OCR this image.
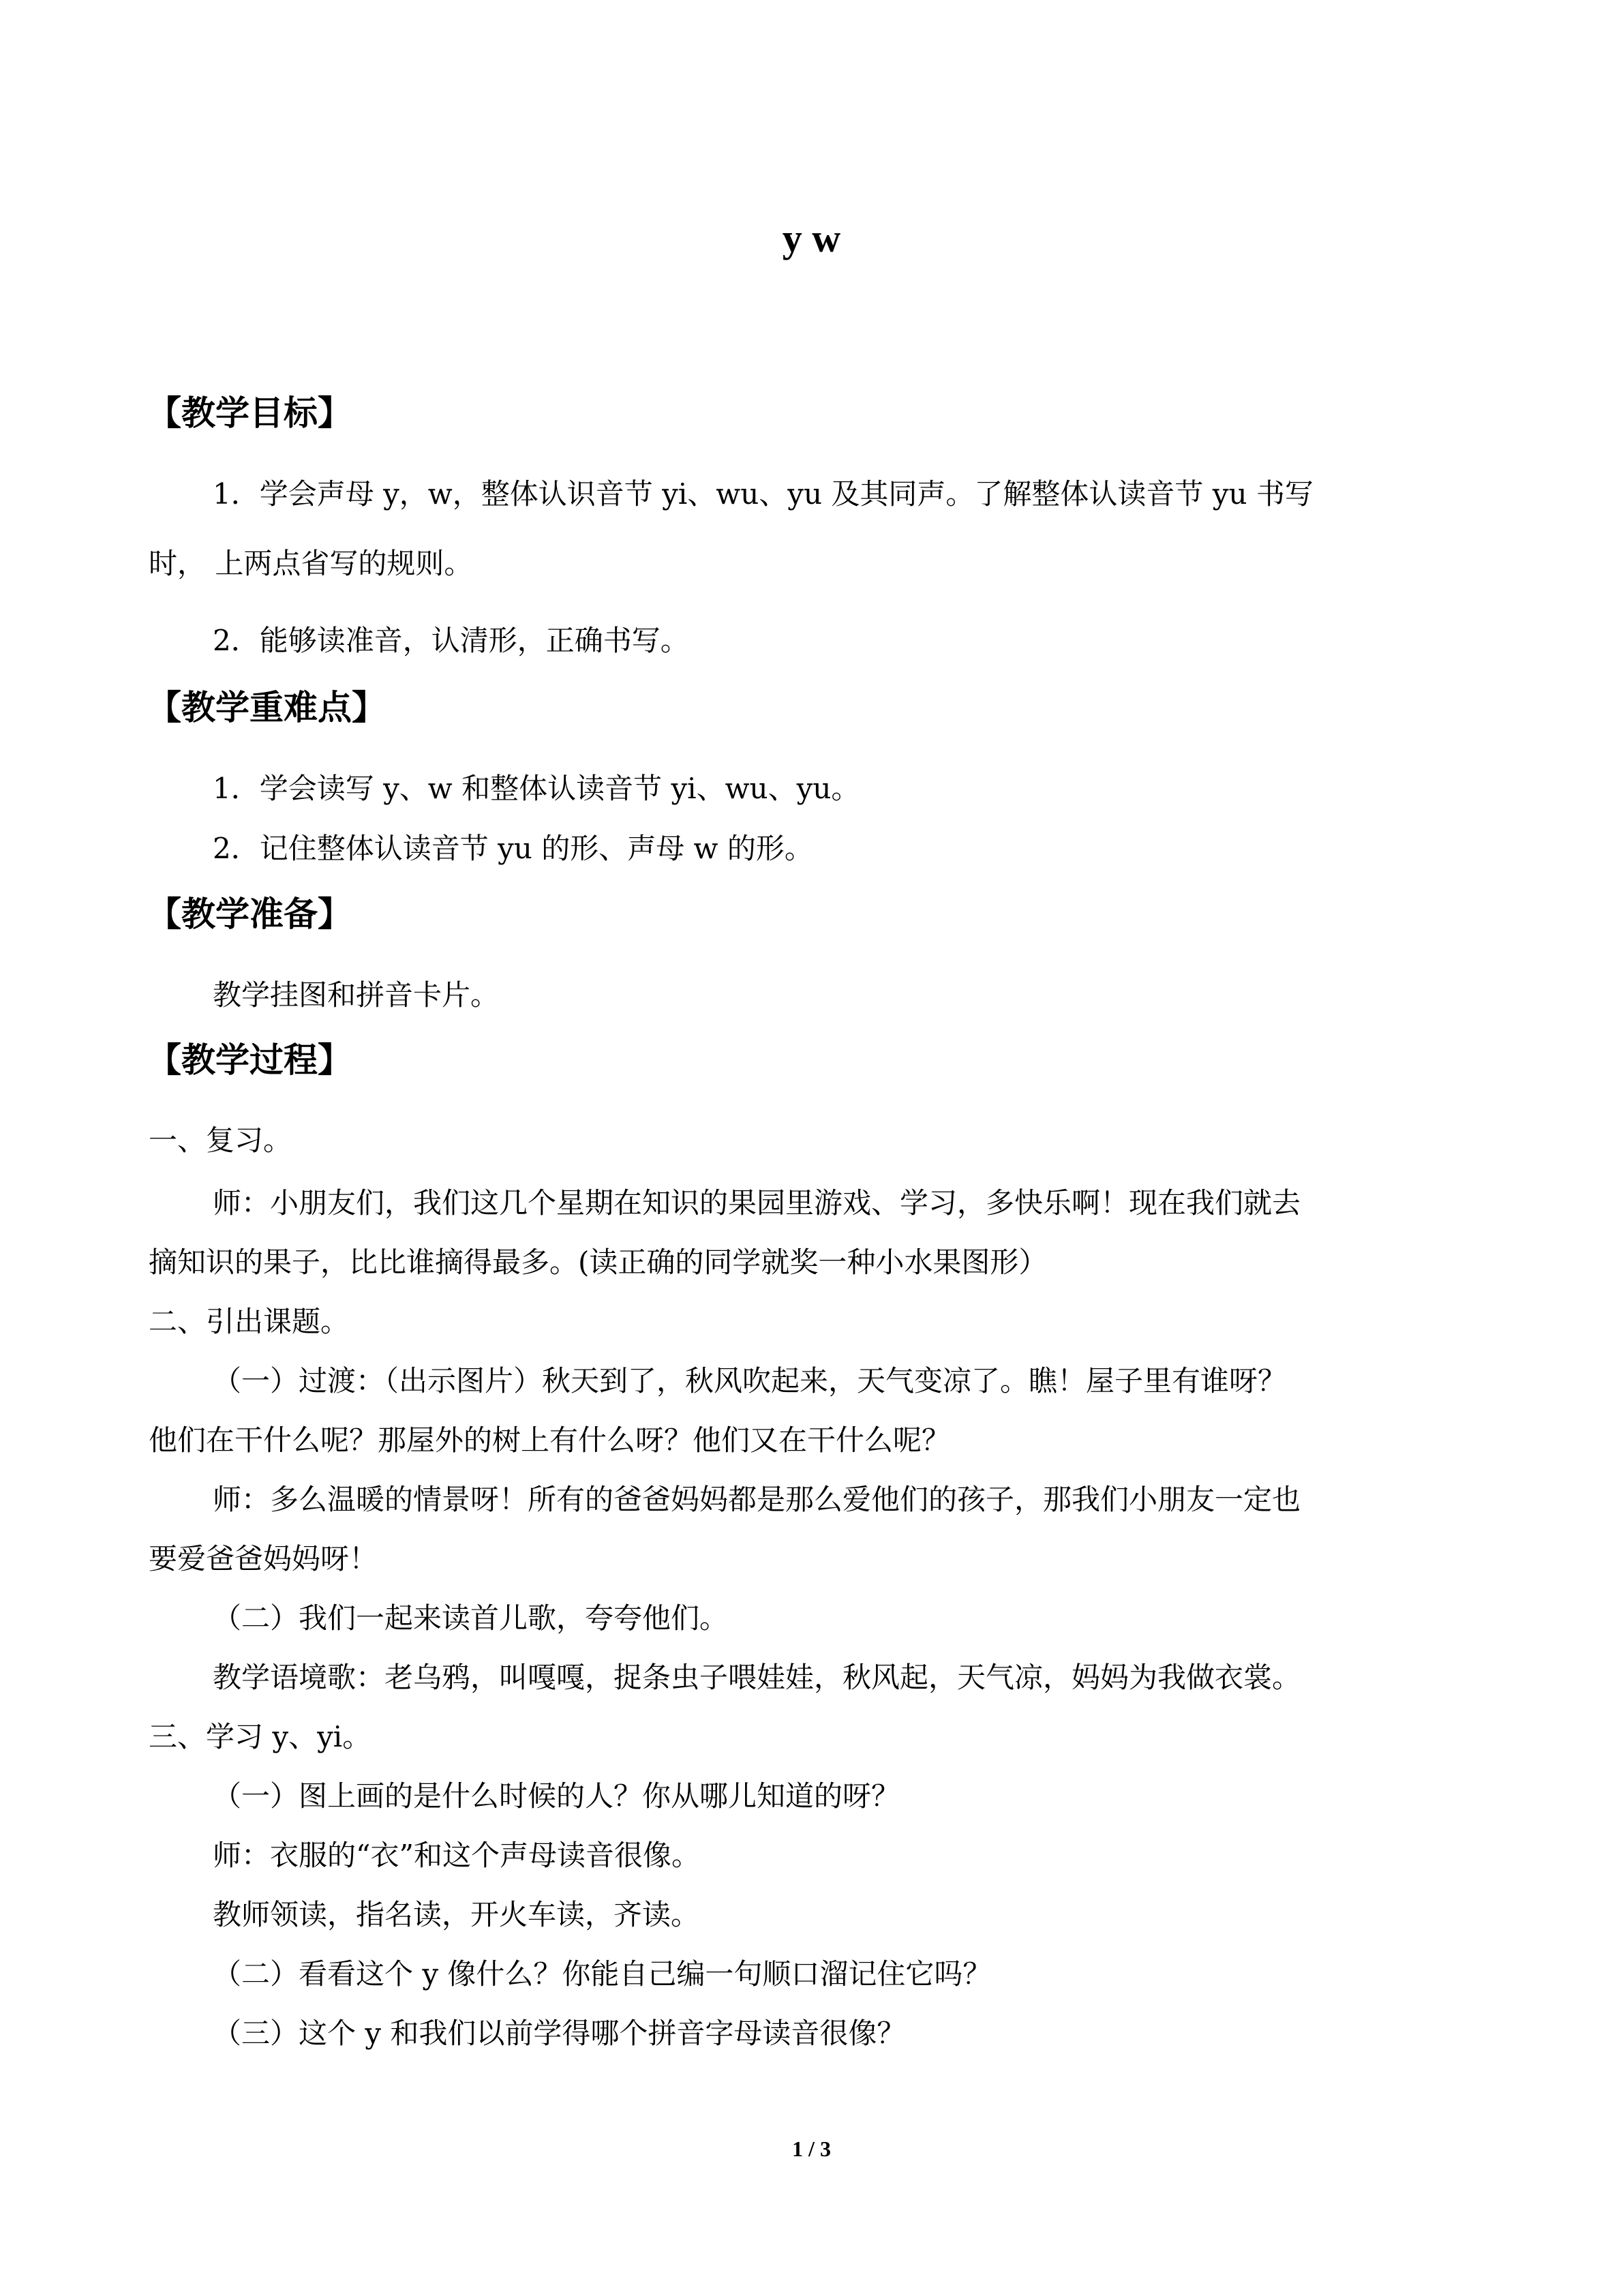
y w
【教学目标】
1．学会声母 y，w，整体认识音节 yi、wu、yu 及其同声。了解整体认读音节 yu 书写
时， 上两点省写的规则。
2．能够读准音，认清形，正确书写。
【教学重难点】
1．学会读写 y、w 和整体认读音节 yi、wu、yu。
2．记住整体认读音节 yu 的形、声母 w 的形。
【教学准备】
教学挂图和拼音卡片。
【教学过程】
一、复习。
师：小朋友们，我们这几个星期在知识的果园里游戏、学习，多快乐啊！现在我们就去
摘知识的果子，比比谁摘得最多。(读正确的同学就奖一种小水果图形）
二、引出课题。
（一）过渡：（出示图片）秋天到了，秋风吹起来，天气变凉了。瞧！屋子里有谁呀？
他们在干什么呢？那屋外的树上有什么呀？他们又在干什么呢？
师：多么温暖的情景呀！所有的爸爸妈妈都是那么爱他们的孩子，那我们小朋友一定也
要爱爸爸妈妈呀！
（二）我们一起来读首儿歌，夸夸他们。
教学语境歌：老乌鸦，叫嘎嘎，捉条虫子喂娃娃，秋风起，天气凉，妈妈为我做衣裳。
三、学习 y、yi。
（一）图上画的是什么时候的人？你从哪儿知道的呀？
师：衣服的“衣”和这个声母读音很像。
教师领读，指名读，开火车读，齐读。
（二）看看这个 y 像什么？你能自己编一句顺口溜记住它吗？
（三）这个 y 和我们以前学得哪个拼音字母读音很像？
1 / 3
